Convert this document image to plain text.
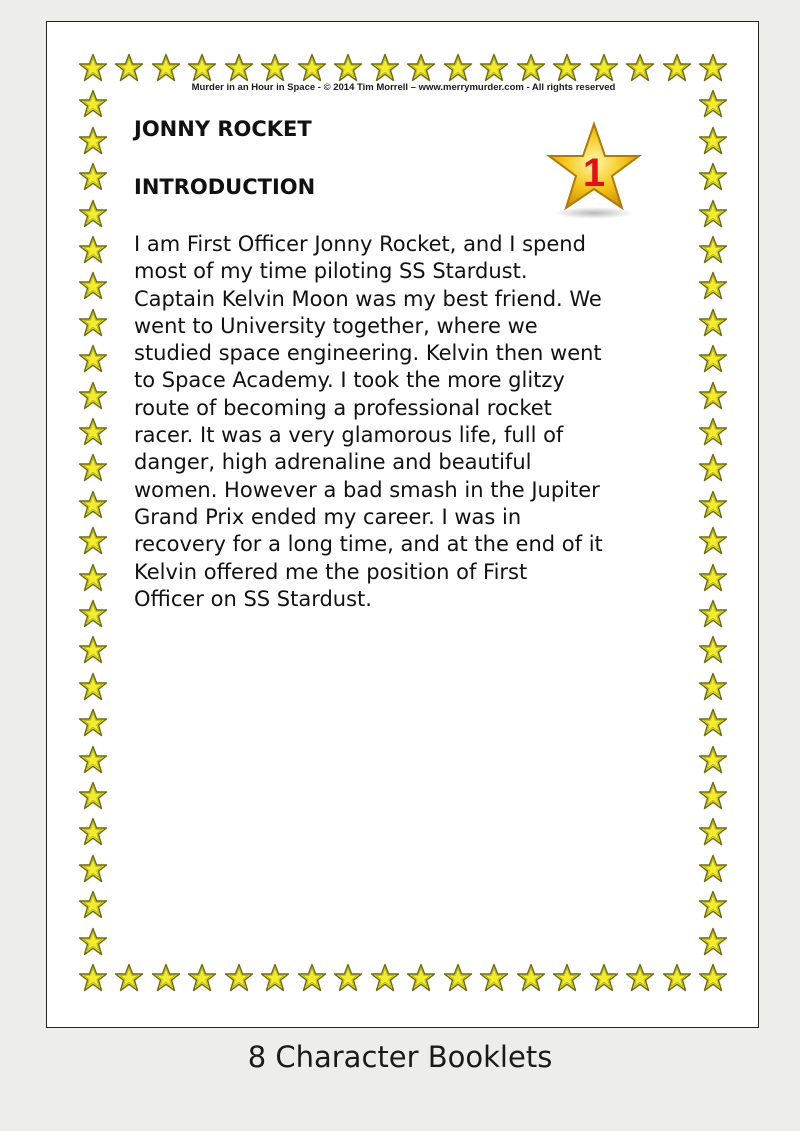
Murder in an Hour in Space - © 2014 Tim Morrell – www.merrymurder.com - All rights reserved
JONNY ROCKET
INTRODUCTION	1
I am First Officer Jonny Rocket, and I spend
most of my time piloting SS Stardust.
Captain Kelvin Moon was my best friend. We
went to University together, where we
studied space engineering. Kelvin then went
to Space Academy. I took the more glitzy
route of becoming a professional rocket
racer. It was a very glamorous life, full of
danger, high adrenaline and beautiful
women. However a bad smash in the Jupiter
Grand Prix ended my career. I was in
recovery for a long time, and at the end of it
Kelvin offered me the position of First
Officer on SS Stardust.
8 Character Booklets
